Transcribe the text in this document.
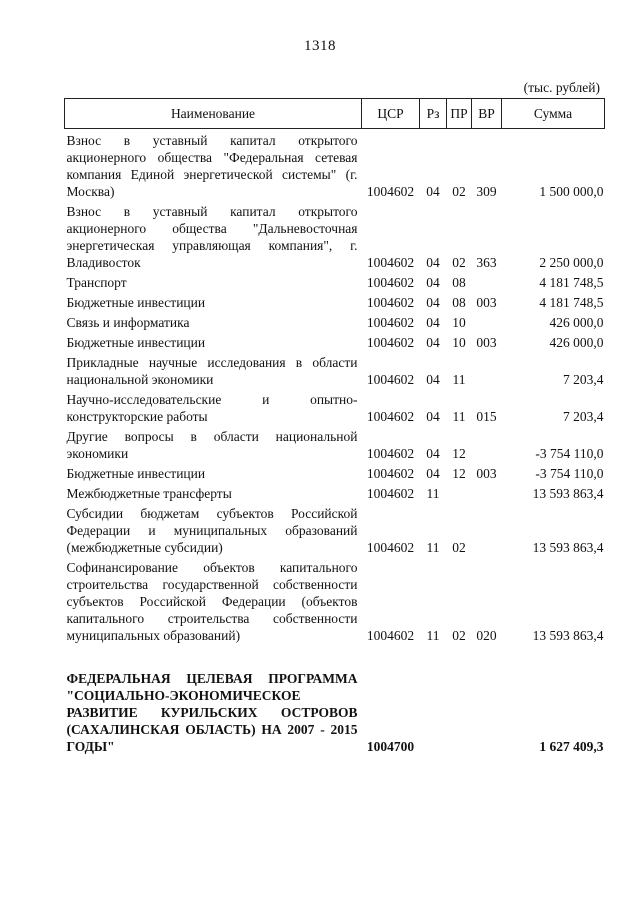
1318
(тыс. рублей)
Наименование	ЦСР	Рз	ПР	ВР	Сумма
Взнос в уставный капитал открытого акционерного общества "Федеральная сетевая компания Единой энергетической системы" (г. Москва)	1004602	04	02	309	1 500 000,0
Взнос в уставный капитал открытого акционерного общества "Дальневосточная энергетическая управляющая компания", г. Владивосток	1004602	04	02	363	2 250 000,0
Транспорт	1004602	04	08		4 181 748,5
Бюджетные инвестиции	1004602	04	08	003	4 181 748,5
Связь и информатика	1004602	04	10		426 000,0
Бюджетные инвестиции	1004602	04	10	003	426 000,0
Прикладные научные исследования в области национальной экономики	1004602	04	11		7 203,4
Научно-исследовательские и опытно-конструкторские работы	1004602	04	11	015	7 203,4
Другие вопросы в области национальной экономики	1004602	04	12		-3 754 110,0
Бюджетные инвестиции	1004602	04	12	003	-3 754 110,0
Межбюджетные трансферты	1004602	11			13 593 863,4
Субсидии бюджетам субъектов Российской Федерации и муниципальных образований (межбюджетные субсидии)	1004602	11	02		13 593 863,4
Софинансирование объектов капитального строительства государственной собственности субъектов Российской Федерации (объектов капитального строительства собственности муниципальных образований)	1004602	11	02	020	13 593 863,4
ФЕДЕРАЛЬНАЯ ЦЕЛЕВАЯ ПРОГРАММА "СОЦИАЛЬНО-ЭКОНОМИЧЕСКОЕ РАЗВИТИЕ КУРИЛЬСКИХ ОСТРОВОВ (САХАЛИНСКАЯ ОБЛАСТЬ) НА 2007 - 2015 ГОДЫ"	1004700				1 627 409,3
